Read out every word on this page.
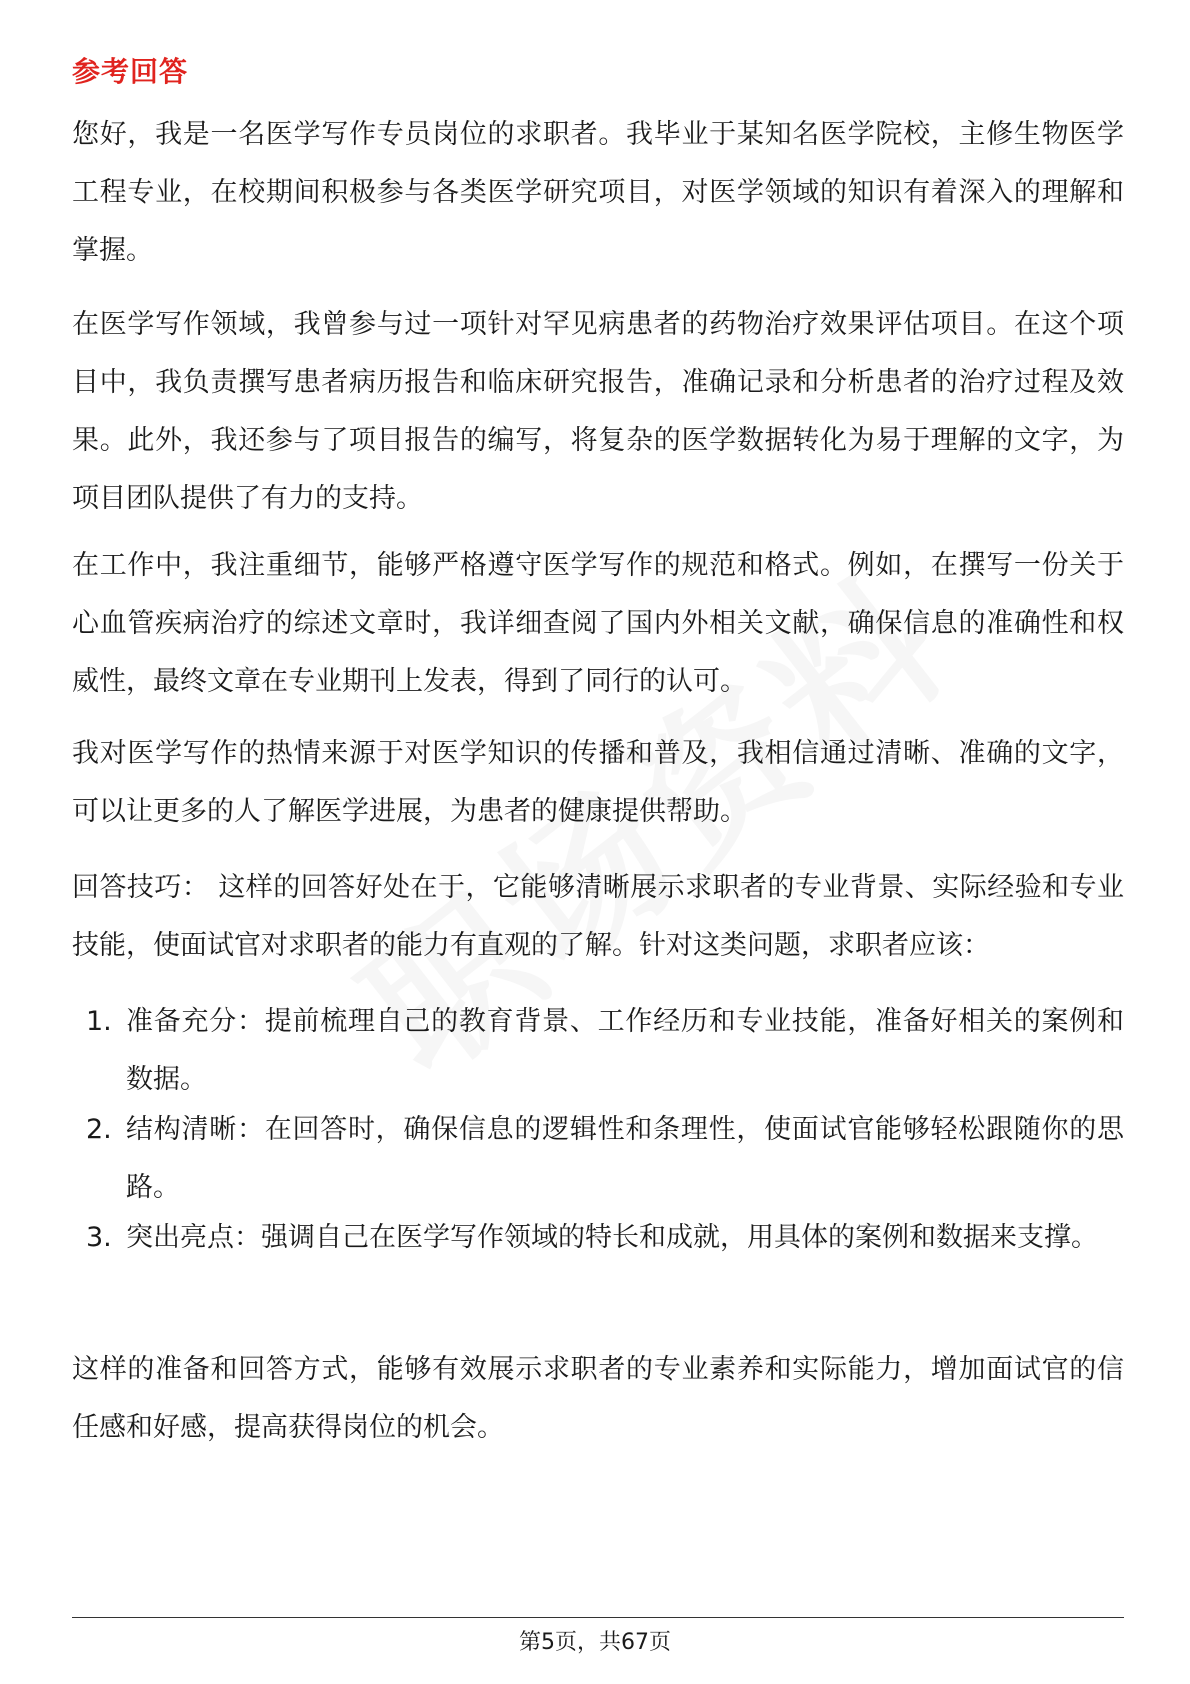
参考回答

您好，我是一名医学写作专员岗位的求职者。我毕业于某知名医学院校，主修生物医学工程专业，在校期间积极参与各类医学研究项目，对医学领域的知识有着深入的理解和掌握。

在医学写作领域，我曾参与过一项针对罕见病患者的药物治疗效果评估项目。在这个项目中，我负责撰写患者病历报告和临床研究报告，准确记录和分析患者的治疗过程及效果。此外，我还参与了项目报告的编写，将复杂的医学数据转化为易于理解的文字，为项目团队提供了有力的支持。

在工作中，我注重细节，能够严格遵守医学写作的规范和格式。例如，在撰写一份关于心血管疾病治疗的综述文章时，我详细查阅了国内外相关文献，确保信息的准确性和权威性，最终文章在专业期刊上发表，得到了同行的认可。

我对医学写作的热情来源于对医学知识的传播和普及，我相信通过清晰、准确的文字，可以让更多的人了解医学进展，为患者的健康提供帮助。

回答技巧： 这样的回答好处在于，它能够清晰展示求职者的专业背景、实际经验和专业技能，使面试官对求职者的能力有直观的了解。针对这类问题，求职者应该：

1. 准备充分：提前梳理自己的教育背景、工作经历和专业技能，准备好相关的案例和数据。
2. 结构清晰：在回答时，确保信息的逻辑性和条理性，使面试官能够轻松跟随你的思路。
3. 突出亮点：强调自己在医学写作领域的特长和成就，用具体的案例和数据来支撑。

这样的准备和回答方式，能够有效展示求职者的专业素养和实际能力，增加面试官的信任感和好感，提高获得岗位的机会。

第5页，共67页
